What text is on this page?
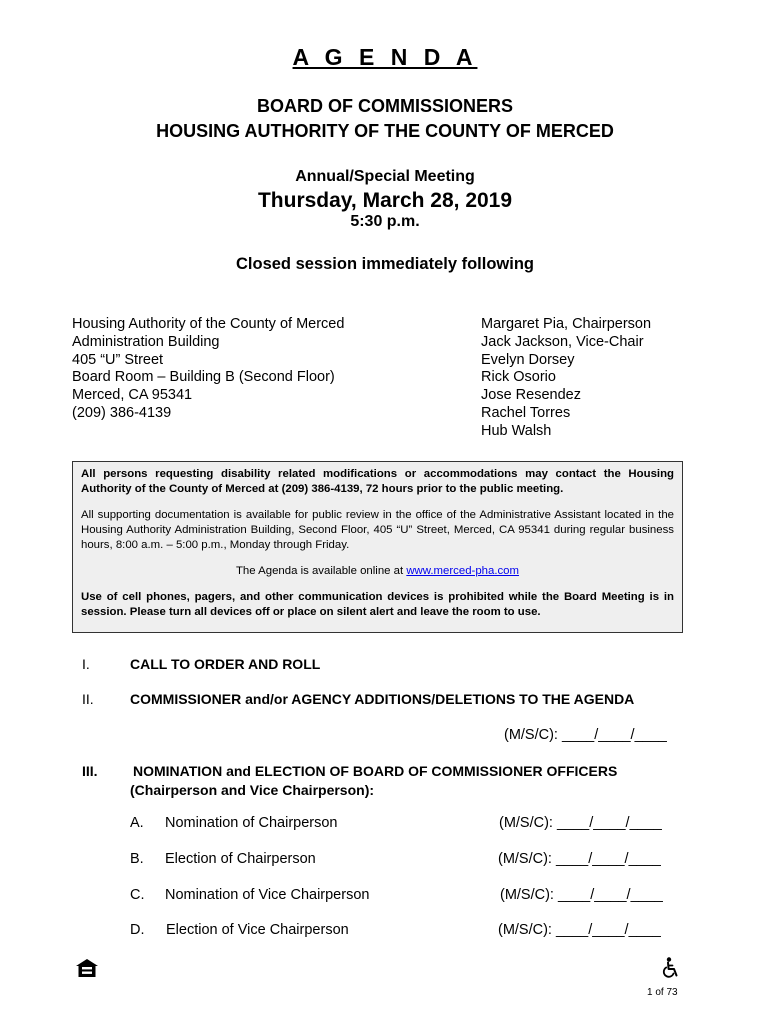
A G E N D A
BOARD OF COMMISSIONERS
HOUSING AUTHORITY OF THE COUNTY OF MERCED
Annual/Special Meeting
Thursday, March 28, 2019
5:30 p.m.
Closed session immediately following
Housing Authority of the County of Merced
Administration Building
405 “U” Street
Board Room – Building B (Second Floor)
Merced, CA 95341
(209) 386-4139
Margaret Pia, Chairperson
Jack Jackson, Vice-Chair
Evelyn Dorsey
Rick Osorio
Jose Resendez
Rachel Torres
Hub Walsh

All persons requesting disability related modifications or accommodations may contact the Housing Authority of the County of Merced at (209) 386-4139, 72 hours prior to the public meeting.

All supporting documentation is available for public review in the office of the Administrative Assistant located in the Housing Authority Administration Building, Second Floor, 405 “U” Street, Merced, CA 95341 during regular business hours, 8:00 a.m. – 5:00 p.m., Monday through Friday.

The Agenda is available online at www.merced-pha.com

Use of cell phones, pagers, and other communication devices is prohibited while the Board Meeting is in session. Please turn all devices off or place on silent alert and leave the room to use.

I.	CALL TO ORDER AND ROLL
II.	COMMISSIONER and/or AGENCY ADDITIONS/DELETIONS TO THE AGENDA
(M/S/C): ____/____/____
III.	NOMINATION and ELECTION OF BOARD OF COMMISSIONER OFFICERS
(Chairperson and Vice Chairperson):
A. Nomination of Chairperson	(M/S/C): ____/____/____
B. Election of Chairperson	(M/S/C): ____/____/____
C. Nomination of Vice Chairperson	(M/S/C): ____/____/____
D. Election of Vice Chairperson	(M/S/C): ____/____/____
1 of 73
